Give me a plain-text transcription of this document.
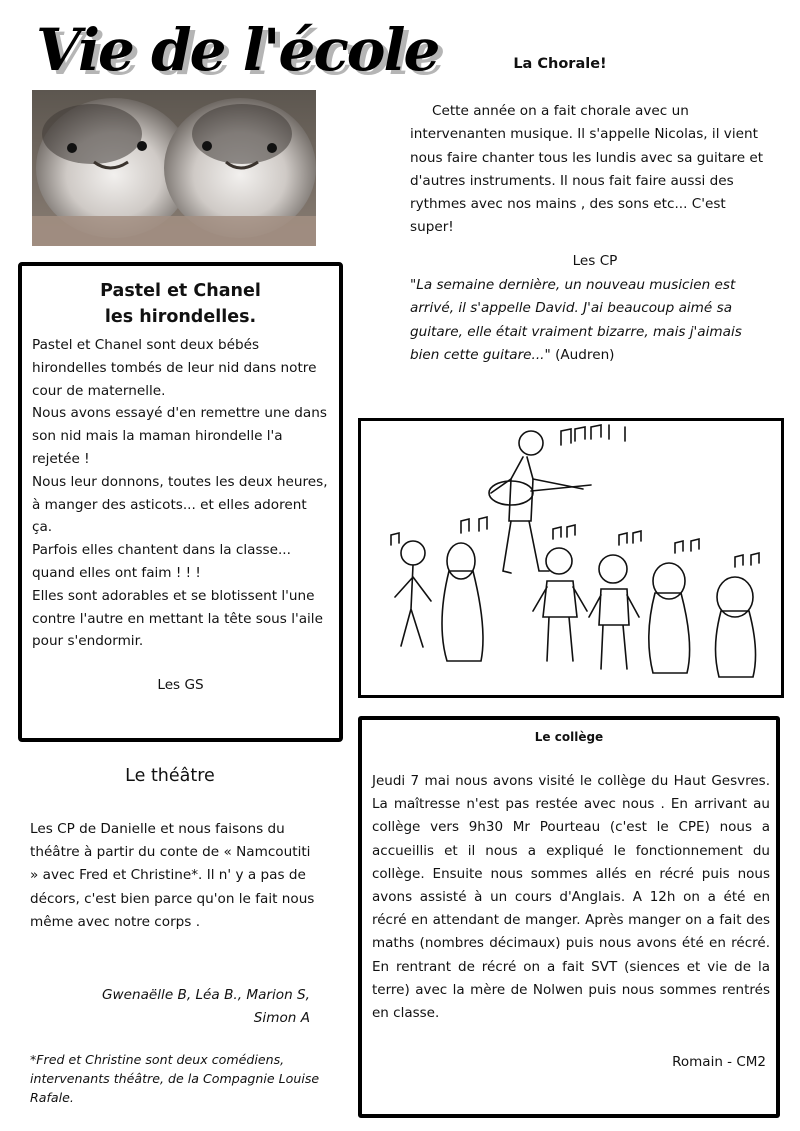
Vie de l'école
Pastel et Chanel
les hirondelles.

Pastel et Chanel sont deux bébés hirondelles tombés de leur nid dans notre cour de maternelle.

Nous avons essayé d'en remettre une dans son nid mais la maman hirondelle l'a rejetée !

Nous leur donnons, toutes les deux heures, à manger des asticots... et elles adorent ça.

Parfois elles chantent dans la classe... quand elles ont faim ! ! !

Elles sont adorables et se blotissent l'une contre l'autre en mettant la tête sous l'aile pour s'endormir.

Les GS
Le théâtre
Les CP de Danielle et nous faisons du théâtre à partir du conte de « Namcoutiti » avec Fred et Christine*. Il n' y a pas de décors, c'est bien parce qu'on le fait nous même avec notre corps .
Gwenaëlle B, Léa B., Marion S,
Simon A
*Fred et Christine sont deux comédiens, intervenants théâtre, de la Compagnie Louise Rafale.
La Chorale!
Cette année on a fait chorale avec un intervenanten musique. Il s'appelle Nicolas, il vient nous faire chanter tous les lundis avec sa guitare et d'autres instruments. Il nous fait faire aussi des rythmes avec nos mains , des sons etc... C'est super!
Les CP
"La semaine dernière, un nouveau musicien est arrivé, il s'appelle David. J'ai beaucoup aimé sa guitare, elle était vraiment bizarre, mais j'aimais bien cette guitare..." (Audren)
Le collège
Jeudi 7 mai nous avons visité le collège du Haut Gesvres. La maîtresse n'est pas restée avec nous . En arrivant au collège vers 9h30 Mr Pourteau (c'est le CPE) nous a accueillis et il nous a expliqué le fonctionnement du collège. Ensuite nous sommes allés en récré puis nous avons assisté à un cours d'Anglais. A 12h on a été en récré en attendant de manger. Après manger on a fait des maths (nombres décimaux) puis nous avons été en récré. En rentrant de récré on a fait SVT (siences et vie de la terre) avec la mère de Nolwen puis nous sommes rentrés en classe.
Romain - CM2
